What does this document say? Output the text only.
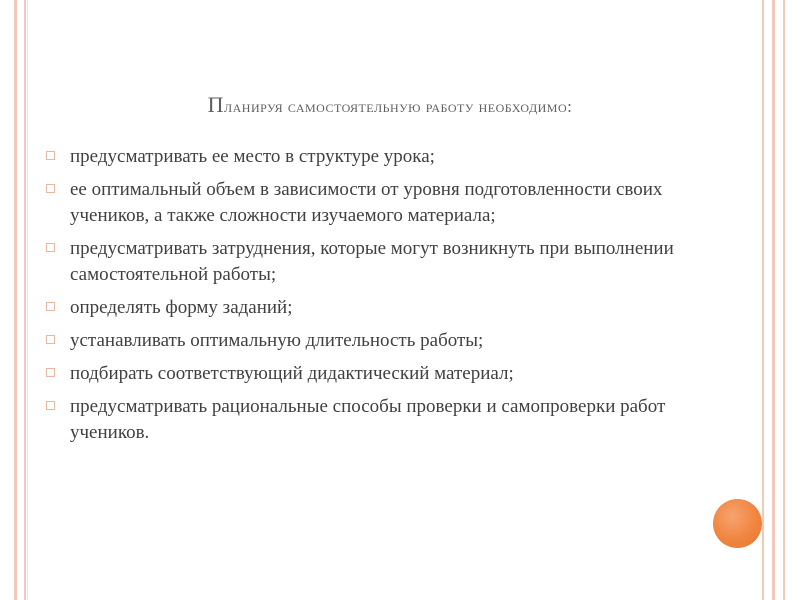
Планируя самостоятельную работу необходимо:
предусматривать ее место в структуре урока;
ее оптимальный объем в зависимости от уровня подготовленности своих учеников, а также сложности изучаемого материала;
предусматривать затруднения, которые могут возникнуть при выполнении самостоятельной работы;
определять форму заданий;
устанавливать оптимальную длительность работы;
подбирать соответствующий дидактический материал;
предусматривать рациональные способы проверки и самопроверки работ учеников.
